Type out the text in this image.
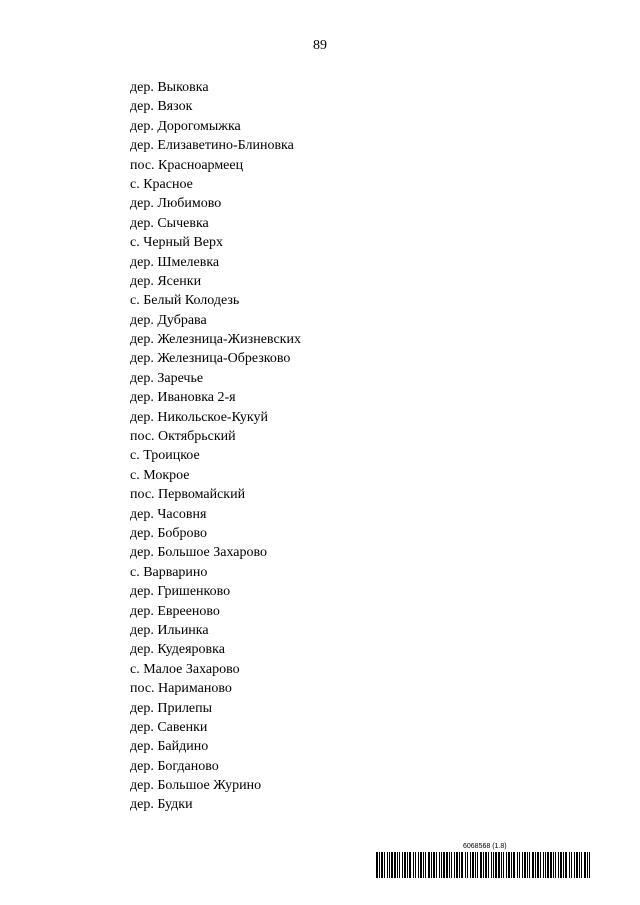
89
дер. Выковка
дер. Вязок
дер. Дорогомыжка
дер. Елизаветино-Блиновка
пос. Красноармеец
с. Красное
дер. Любимово
дер. Сычевка
с. Черный Верх
дер. Шмелевка
дер. Ясенки
с. Белый Колодезь
дер. Дубрава
дер. Железница-Жизневских
дер. Железница-Обрезково
дер. Заречье
дер. Ивановка 2-я
дер. Никольское-Кукуй
пос. Октябрьский
с. Троицкое
с. Мокрое
пос. Первомайский
дер. Часовня
дер. Боброво
дер. Большое Захарово
с. Варварино
дер. Гришенково
дер. Еврееново
дер. Ильинка
дер. Кудеяровка
с. Малое Захарово
пос. Нариманово
дер. Прилепы
дер. Савенки
дер. Байдино
дер. Богданово
дер. Большое Журино
дер. Будки
6068568 (1.8)
